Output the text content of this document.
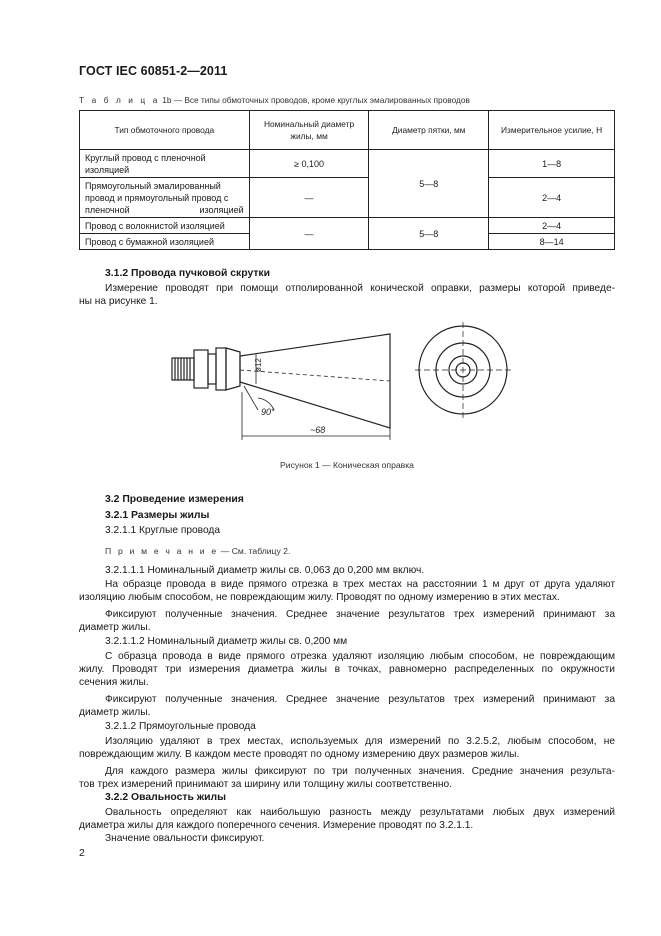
ГОСТ IEC 60851-2—2011
Т а б л и ц а 1b — Все типы обмоточных проводов, кроме круглых эмалированных проводов
Тип обмоточного провода	Номинальный диаметр жилы, мм	Диаметр пятки, мм	Измерительное усилие, Н
Круглый провод с пленочной изоляцией	≥ 0,100	5—8	1—8
Прямоугольный эмалированный провод и прямоугольный провод с пленочной изоляцией	—		2—4
Провод с волокнистой изоляцией	—	5—8	2—4
Провод с бумажной изоляцией			8—14
3.1.2 Провода пучковой скрутки
Измерение проводят при помощи отполированной конической оправки, размеры которой приведе-
ны на рисунке 1.
ø12
90°
~68
Рисунок 1 — Коническая оправка
3.2 Проведение измерения
3.2.1 Размеры жилы
3.2.1.1 Круглые провода
П р и м е ч а н и е — См. таблицу 2.
3.2.1.1.1 Номинальный диаметр жилы св. 0,063 до 0,200 мм включ.
На образце провода в виде прямого отрезка в трех местах на расстоянии 1 м друг от друга удаляют
изоляцию любым способом, не повреждающим жилу. Проводят по одному измерению в этих местах.
Фиксируют полученные значения. Среднее значение результатов трех измерений принимают за
диаметр жилы.
3.2.1.1.2 Номинальный диаметр жилы св. 0,200 мм
С образца провода в виде прямого отрезка удаляют изоляцию любым способом, не повреждающим
жилу. Проводят три измерения диаметра жилы в точках, равномерно распределенных по окружности
сечения жилы.
Фиксируют полученные значения. Среднее значение результатов трех измерений принимают за
диаметр жилы.
3.2.1.2 Прямоугольные провода
Изоляцию удаляют в трех местах, используемых для измерений по 3.2.5.2, любым способом, не
повреждающим жилу. В каждом месте проводят по одному измерению двух размеров жилы.
Для каждого размера жилы фиксируют по три полученных значения. Средние значения результа-
тов трех измерений принимают за ширину или толщину жилы соответственно.
3.2.2 Овальность жилы
Овальность определяют как наибольшую разность между результатами любых двух измерений
диаметра жилы для каждого поперечного сечения. Измерение проводят по 3.2.1.1.
Значение овальности фиксируют.
2
